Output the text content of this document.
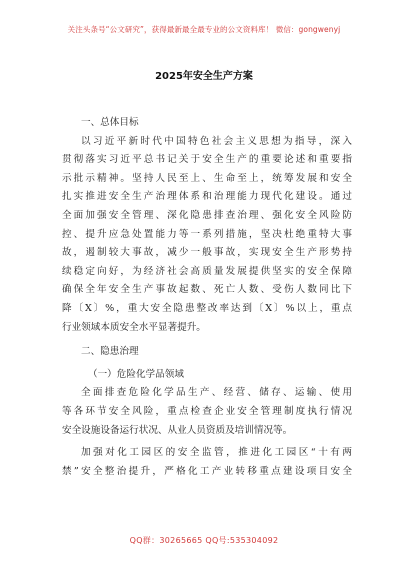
关注头条号“公文研究”，获得最新最全最专业的公文资料库！ 微信：gongwenyj
2025年安全生产方案
一、总体目标
以习近平新时代中国特色社会主义思想为指导，深入
贯彻落实习近平总书记关于安全生产的重要论述和重要指
示批示精神。坚持人民至上、生命至上，统筹发展和安全
扎实推进安全生产治理体系和治理能力现代化建设。通过
全面加强安全管理、深化隐患排查治理、强化安全风险防
控、提升应急处置能力等一系列措施，坚决杜绝重特大事
故，遏制较大事故，减少一般事故，实现安全生产形势持
续稳定向好，为经济社会高质量发展提供坚实的安全保障
确保全年安全生产事故起数、死亡人数、受伤人数同比下
降〔X〕%，重大安全隐患整改率达到〔X〕%以上，重点
行业领域本质安全水平显著提升。
二、隐患治理
（一）危险化学品领域
全面排查危险化学品生产、经营、储存、运输、使用
等各环节安全风险，重点检查企业安全管理制度执行情况
安全设施设备运行状况、从业人员资质及培训情况等。
加强对化工园区的安全监管，推进化工园区“十有两
禁”安全整治提升，严格化工产业转移重点建设项目安全
QQ群：30265665 QQ号:535304092
